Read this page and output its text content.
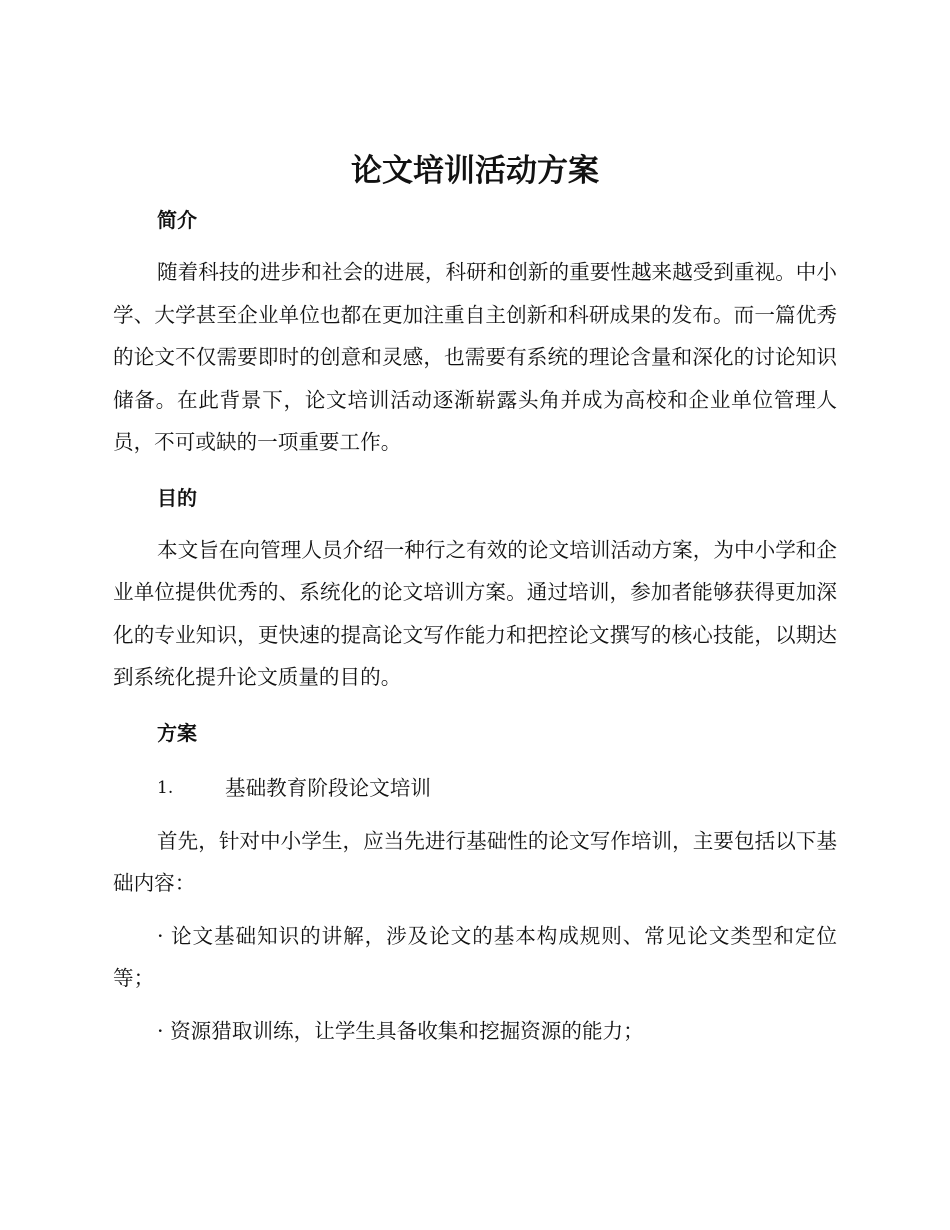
论文培训活动方案
简介

随着科技的进步和社会的进展，科研和创新的重要性越来越受到重视。中小学、大学甚至企业单位也都在更加注重自主创新和科研成果的发布。而一篇优秀的论文不仅需要即时的创意和灵感，也需要有系统的理论含量和深化的讨论知识储备。在此背景下，论文培训活动逐渐崭露头角并成为高校和企业单位管理人员，不可或缺的一项重要工作。

目的

本文旨在向管理人员介绍一种行之有效的论文培训活动方案，为中小学和企业单位提供优秀的、系统化的论文培训方案。通过培训，参加者能够获得更加深化的专业知识，更快速的提高论文写作能力和把控论文撰写的核心技能，以期达到系统化提升论文质量的目的。

方案
1.	基础教育阶段论文培训

首先，针对中小学生，应当先进行基础性的论文写作培训，主要包括以下基础内容：

· 论文基础知识的讲解，涉及论文的基本构成规则、常见论文类型和定位等；

· 资源猎取训练，让学生具备收集和挖掘资源的能力；
